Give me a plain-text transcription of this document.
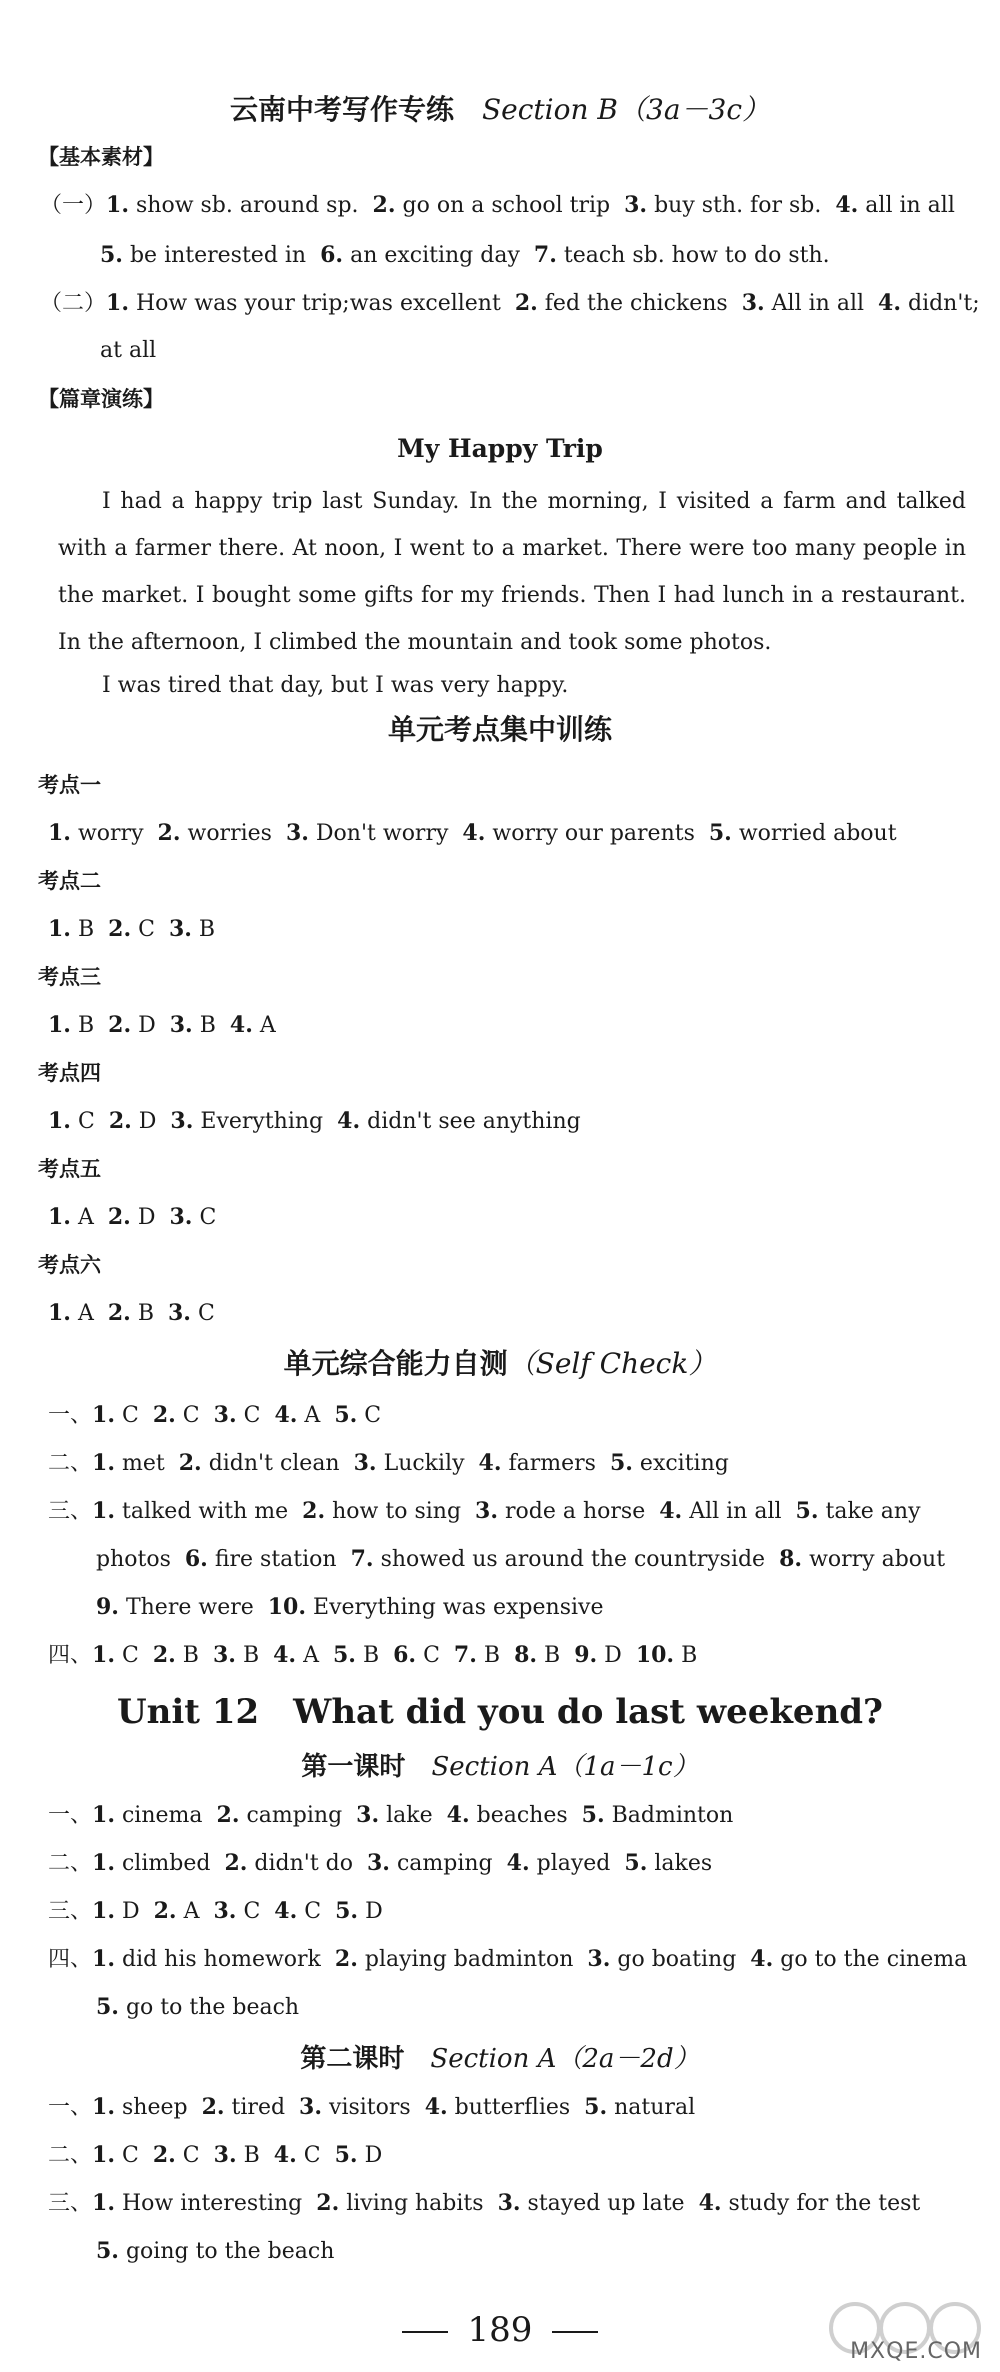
云南中考写作专练　 Section B（3a－3c）
【基本素材】
（一）1. show sb. around sp. 2. go on a school trip 3. buy sth. for sb. 4. all in all
5. be interested in 6. an exciting day 7. teach sb. how to do sth.
（二）1. How was your trip;was excellent 2. fed the chickens 3. All in all 4. didn't;
at all
【篇章演练】
My Happy Trip
I had a happy trip last Sunday. In the morning, I visited a farm and talked with a farmer there. At noon, I went to a market. There were too many people in the market. I bought some gifts for my friends. Then I had lunch in a restaurant. In the afternoon, I climbed the mountain and took some photos.
I was tired that day, but I was very happy.
单元考点集中训练
考点一
1. worry 2. worries 3. Don't worry 4. worry our parents 5. worried about
考点二
1. B 2. C 3. B
考点三
1. B 2. D 3. B 4. A
考点四
1. C 2. D 3. Everything 4. didn't see anything
考点五
1. A 2. D 3. C
考点六
1. A 2. B 3. C
单元综合能力自测（Self Check）
一、1. C 2. C 3. C 4. A 5. C
二、1. met 2. didn't clean 3. Luckily 4. farmers 5. exciting
三、1. talked with me 2. how to sing 3. rode a horse 4. All in all 5. take any
photos 6. fire station 7. showed us around the countryside 8. worry about
9. There were 10. Everything was expensive
四、1. C 2. B 3. B 4. A 5. B 6. C 7. B 8. B 9. D 10. B
Unit 12　What did you do last weekend?
第一课时　 Section A（1a－1c）
一、1. cinema 2. camping 3. lake 4. beaches 5. Badminton
二、1. climbed 2. didn't do 3. camping 4. played 5. lakes
三、1. D 2. A 3. C 4. C 5. D
四、1. did his homework 2. playing badminton 3. go boating 4. go to the cinema
5. go to the beach
第二课时　 Section A（2a－2d）
一、1. sheep 2. tired 3. visitors 4. butterflies 5. natural
二、1. C 2. C 3. B 4. C 5. D
三、1. How interesting 2. living habits 3. stayed up late 4. study for the test
5. going to the beach
189
MXQE.COM
